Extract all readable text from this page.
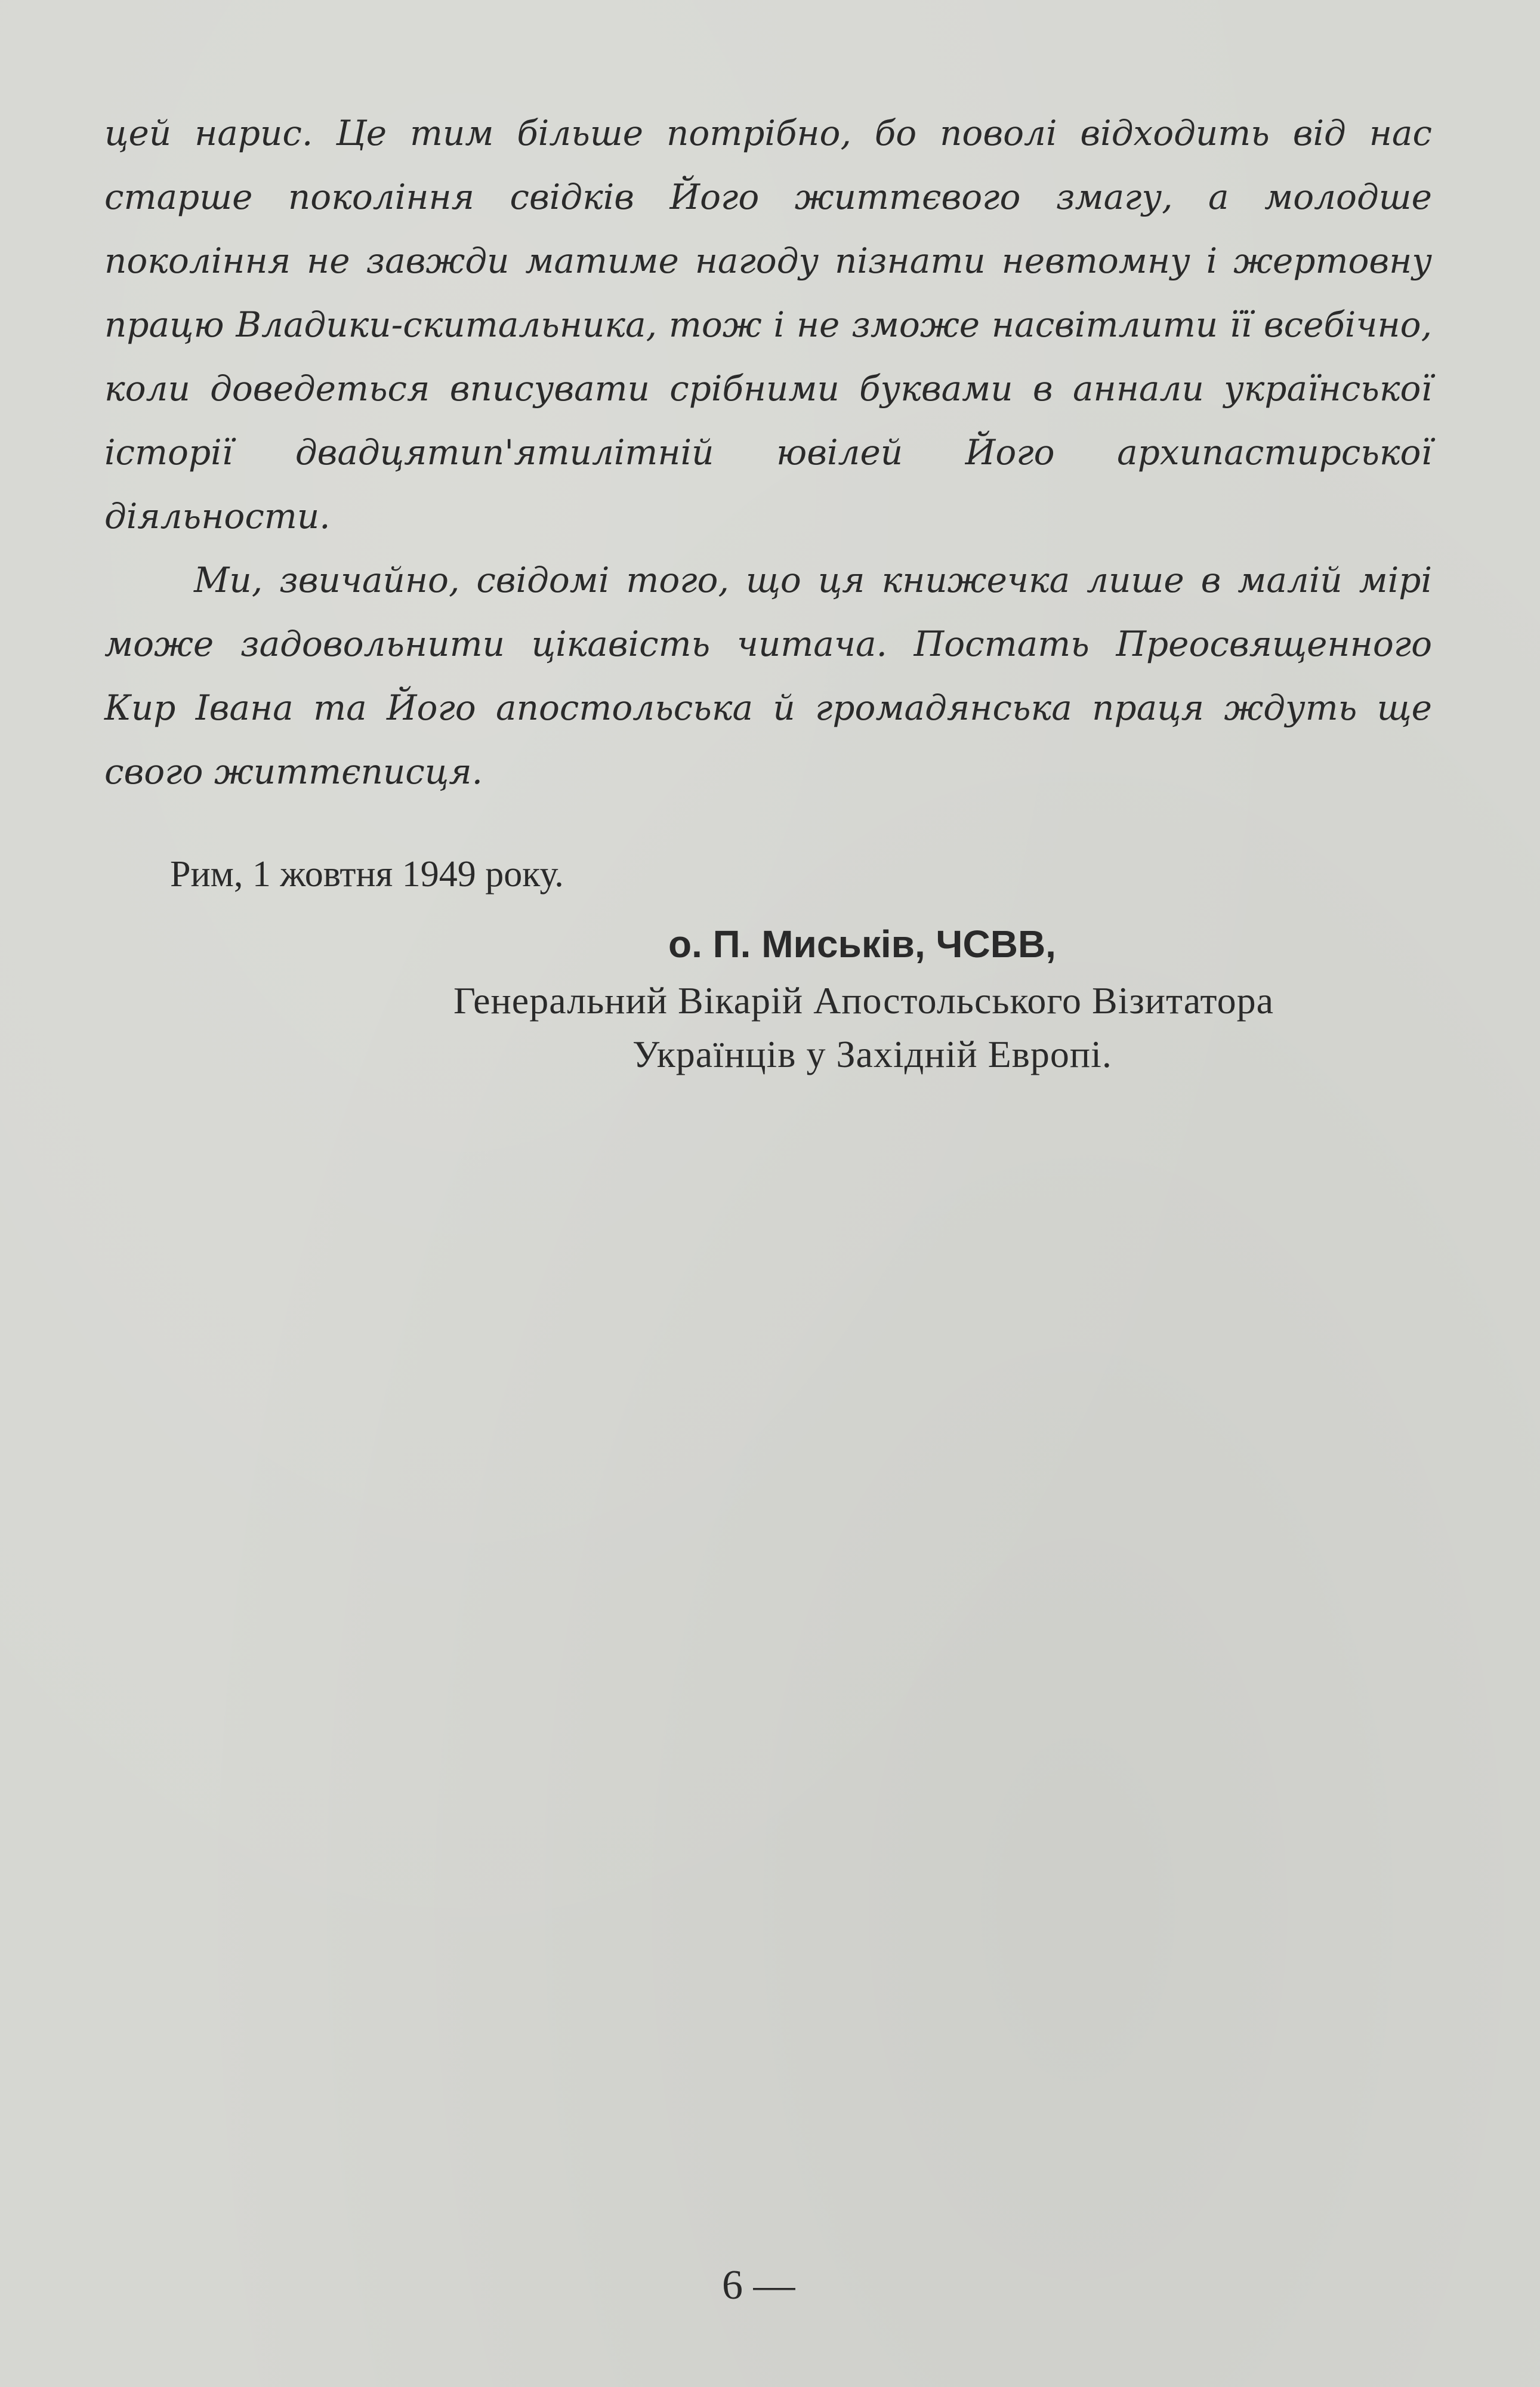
цей нарис. Це тим більше потрібно, бо поволі відходить від нас старше покоління свідків Його життєвого змагу, а молодше покоління не завжди матиме нагоду пізнати невтомну і жертовну працю Владики-скитальника, тож і не зможе насвітлити її всебічно, коли доведеться вписувати срібними буквами в аннали української історії двадцятип'ятилітній ювілей Його архипастирської діяльности.

Ми, звичайно, свідомі того, що ця книжечка лише в малій мірі може задовольнити цікавість читача. Постать Преосвященного Кир Івана та Його апостольська й громадянська праця ждуть ще свого життєписця.

Рим, 1 жовтня 1949 року.
о. П. Миськів, ЧСВВ,
Генеральний Вікарій Апостольського Візитатора
Українців у Західній Европі.
6 —
